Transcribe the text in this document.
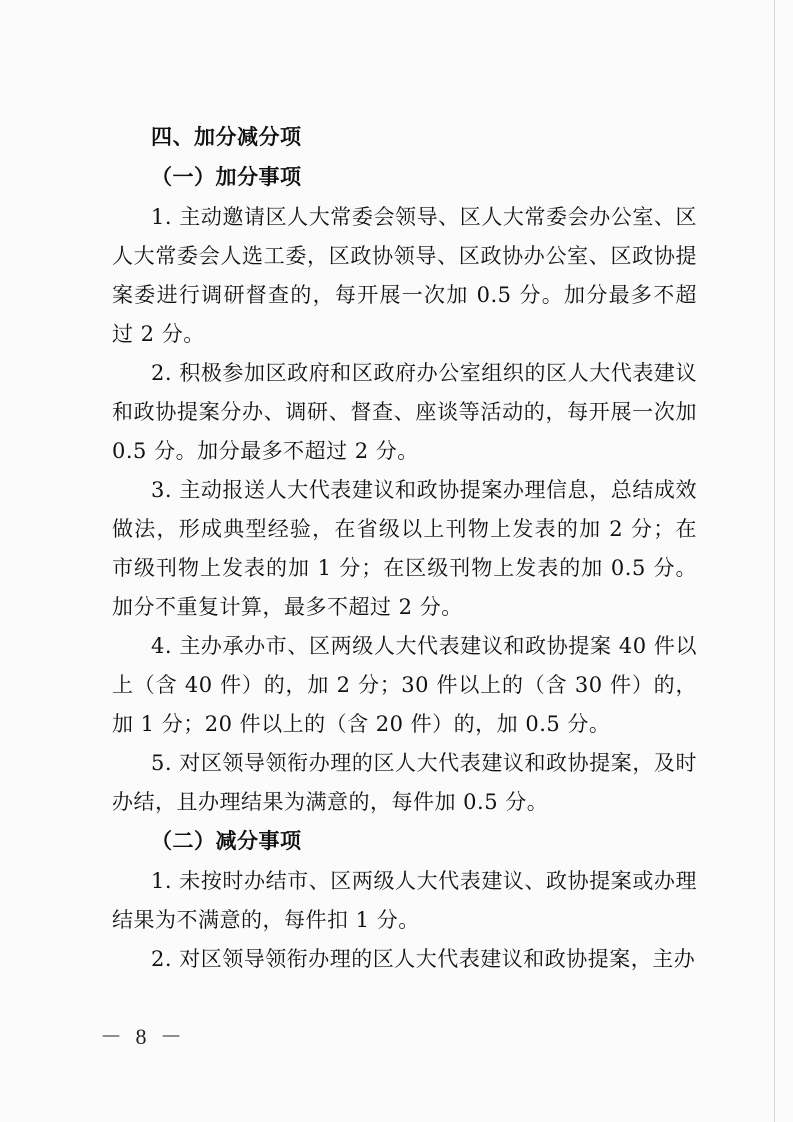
四、加分减分项
（一）加分事项

1. 主动邀请区人大常委会领导、区人大常委会办公室、区人大常委会人选工委，区政协领导、区政协办公室、区政协提案委进行调研督查的，每开展一次加 0.5 分。加分最多不超过 2 分。

2. 积极参加区政府和区政府办公室组织的区人大代表建议和政协提案分办、调研、督查、座谈等活动的，每开展一次加 0.5 分。加分最多不超过 2 分。

3. 主动报送人大代表建议和政协提案办理信息，总结成效做法，形成典型经验，在省级以上刊物上发表的加 2 分；在市级刊物上发表的加 1 分；在区级刊物上发表的加 0.5 分。加分不重复计算，最多不超过 2 分。

4. 主办承办市、区两级人大代表建议和政协提案 40 件以上（含 40 件）的，加 2 分；30 件以上的（含 30 件）的，加 1 分；20 件以上的（含 20 件）的，加 0.5 分。

5. 对区领导领衔办理的区人大代表建议和政协提案，及时办结，且办理结果为满意的，每件加 0.5 分。

（二）减分事项

1. 未按时办结市、区两级人大代表建议、政协提案或办理结果为不满意的，每件扣 1 分。

2. 对区领导领衔办理的区人大代表建议和政协提案，主办

－ 8 －
